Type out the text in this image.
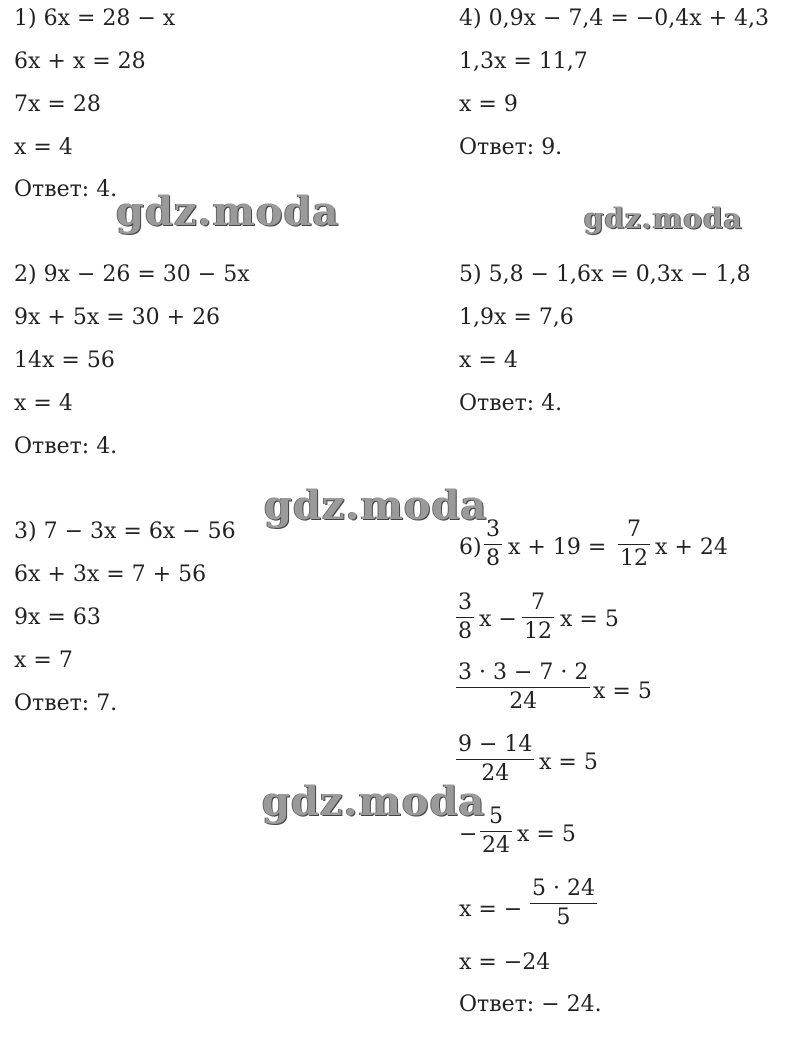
1) 6x = 28 − x
6x + x = 28
7x = 28
x = 4
Ответ: 4.
2) 9x − 26 = 30 − 5x
9x + 5x = 30 + 26
14x = 56
x = 4
Ответ: 4.
3) 7 − 3x = 6x − 56
6x + 3x = 7 + 56
9x = 63
x = 7
Ответ: 7.
4) 0,9x − 7,4 = −0,4x + 4,3
1,3x = 11,7
x = 9
Ответ: 9.
5) 5,8 − 1,6x = 0,3x − 1,8
1,9x = 7,6
x = 4
Ответ: 4.
$6) \frac{3}{8}$ $x + 19 = \frac{7}{12}$ x + 24
$\frac{3}{8}$ $x - \frac{7}{12}$ x = 5
$\frac{3 \cdot 3 - 7 \cdot 2}{24}$ x = 5
$\frac{9 - 14}{24}$ x = 5
− $\frac{5}{24}$ x = 5
x = − $\frac{5 \cdot 24}{5}$
x = −24
Ответ: − 24.
gdz.moda	gdz.moda
gdz.moda
gdz.moda
